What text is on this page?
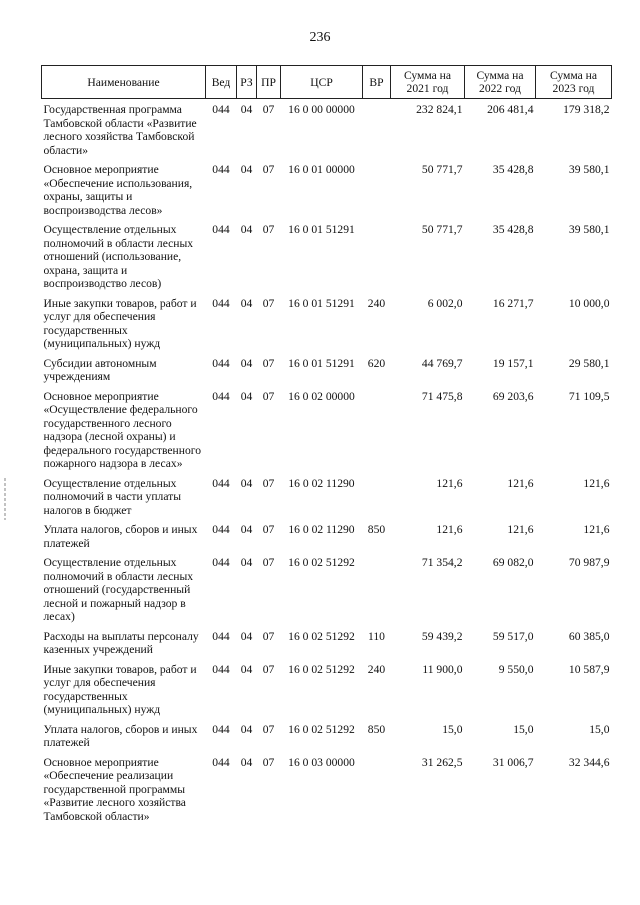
236
Наименование	Вед	РЗ	ПР	ЦСР	ВР	Сумма на 2021 год	Сумма на 2022 год	Сумма на 2023 год
Государственная программа Тамбовской области «Развитие лесного хозяйства Тамбовской области»	044	04	07	16 0 00 00000		232 824,1	206 481,4	179 318,2
Основное мероприятие «Обеспечение использования, охраны, защиты и воспроизводства лесов»	044	04	07	16 0 01 00000		50 771,7	35 428,8	39 580,1
Осуществление отдельных полномочий в области лесных отношений (использование, охрана, защита и воспроизводство лесов)	044	04	07	16 0 01 51291		50 771,7	35 428,8	39 580,1
Иные закупки товаров, работ и услуг для обеспечения государственных (муниципальных) нужд	044	04	07	16 0 01 51291	240	6 002,0	16 271,7	10 000,0
Субсидии автономным учреждениям	044	04	07	16 0 01 51291	620	44 769,7	19 157,1	29 580,1
Основное мероприятие «Осуществление федерального государственного лесного надзора (лесной охраны) и федерального государственного пожарного надзора в лесах»	044	04	07	16 0 02 00000		71 475,8	69 203,6	71 109,5
Осуществление отдельных полномочий в части уплаты налогов в бюджет	044	04	07	16 0 02 11290		121,6	121,6	121,6
Уплата налогов, сборов и иных платежей	044	04	07	16 0 02 11290	850	121,6	121,6	121,6
Осуществление отдельных полномочий в области лесных отношений (государственный лесной и пожарный надзор в лесах)	044	04	07	16 0 02 51292		71 354,2	69 082,0	70 987,9
Расходы на выплаты персоналу казенных учреждений	044	04	07	16 0 02 51292	110	59 439,2	59 517,0	60 385,0
Иные закупки товаров, работ и услуг для обеспечения государственных (муниципальных) нужд	044	04	07	16 0 02 51292	240	11 900,0	9 550,0	10 587,9
Уплата налогов, сборов и иных платежей	044	04	07	16 0 02 51292	850	15,0	15,0	15,0
Основное мероприятие «Обеспечение реализации государственной программы «Развитие лесного хозяйства Тамбовской области»	044	04	07	16 0 03 00000		31 262,5	31 006,7	32 344,6
